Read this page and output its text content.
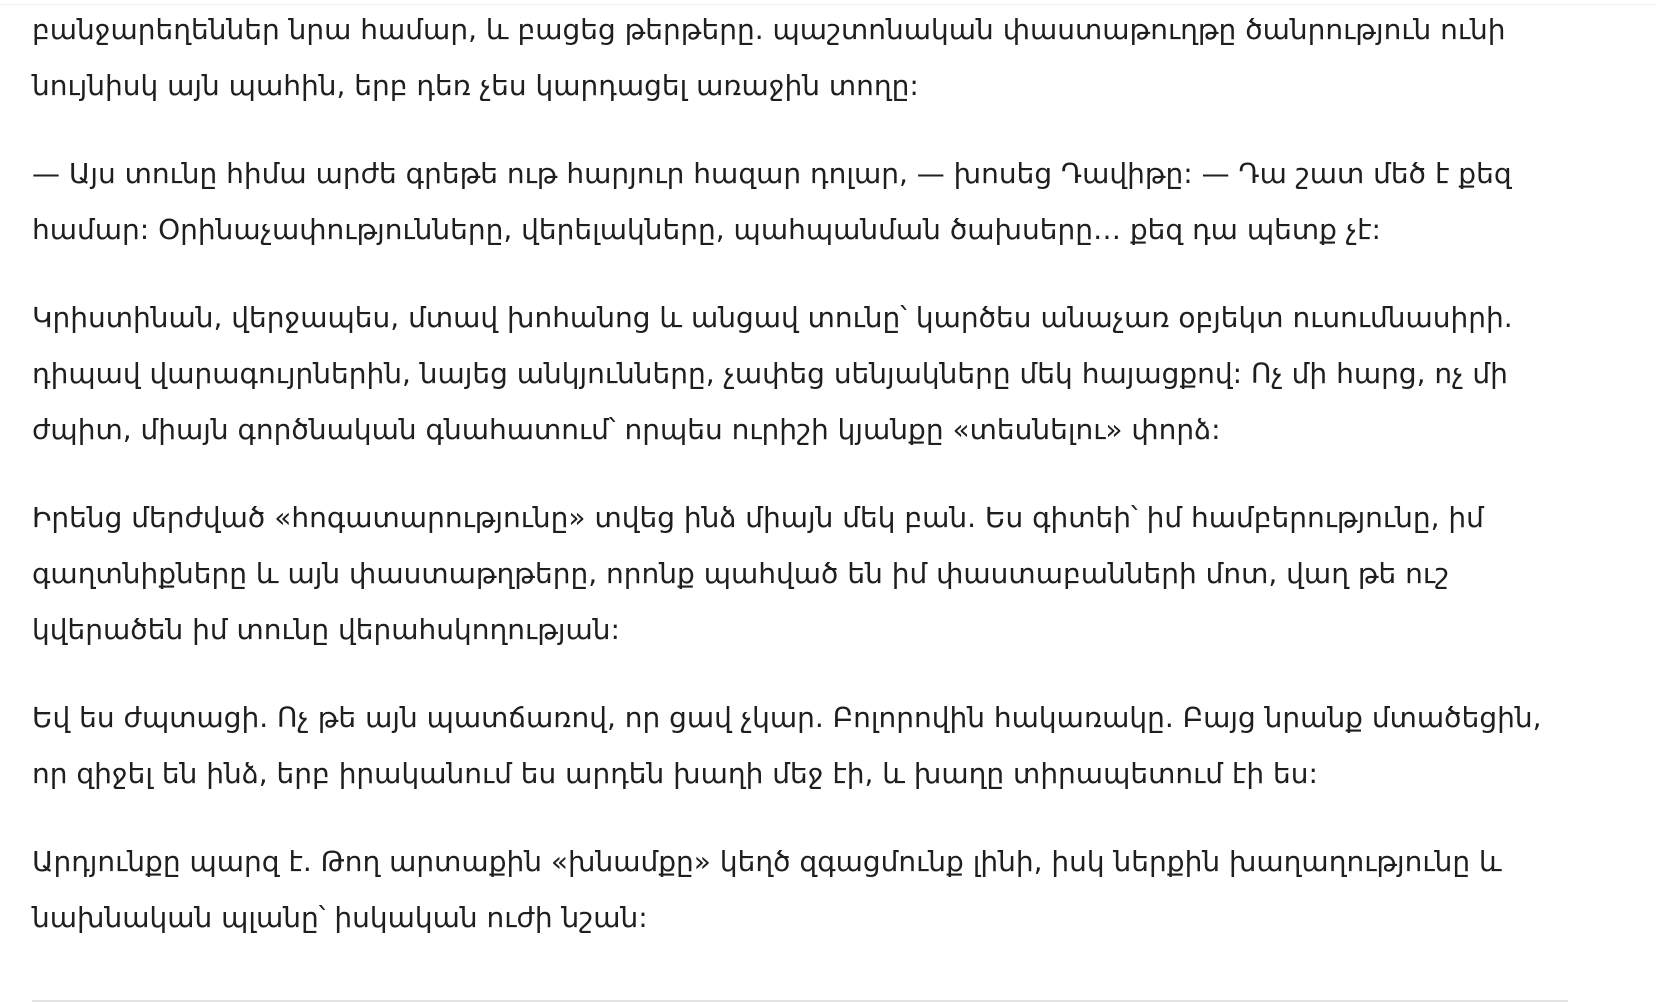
բանջարեղեններ նրա համար, և բացեց թերթերը. պաշտոնական փաստաթուղթը ծանրություն ունի
նույնիսկ այն պահին, երբ դեռ չես կարդացել առաջին տողը:

— Այս տունը հիմա արժե գրեթե ութ հարյուր հազար դոլար, — խոսեց Դավիթը: — Դա շատ մեծ է քեզ
համար: Օրինաչափությունները, վերելակները, պահպանման ծախսերը… քեզ դա պետք չէ:

Կրիստինան, վերջապես, մտավ խոհանոց և անցավ տունը՝ կարծես անաչառ օբյեկտ ուսումնասիրի.
դիպավ վարագույրներին, նայեց անկյունները, չափեց սենյակները մեկ հայացքով: Ոչ մի հարց, ոչ մի
ժպիտ, միայն գործնական գնահատում՝ որպես ուրիշի կյանքը «տեսնելու» փորձ:

Իրենց մերժված «հոգատարությունը» տվեց ինձ միայն մեկ բան. Ես գիտեի՝ իմ համբերությունը, իմ
գաղտնիքները և այն փաստաթղթերը, որոնք պահված են իմ փաստաբանների մոտ, վաղ թե ուշ
կվերածեն իմ տունը վերահսկողության:

Եվ ես ժպտացի. Ոչ թե այն պատճառով, որ ցավ չկար. Բոլորովին հակառակը. Բայց նրանք մտածեցին,
որ զիջել են ինձ, երբ իրականում ես արդեն խաղի մեջ էի, և խաղը տիրապետում էի ես:

Արդյունքը պարզ է. Թող արտաքին «խնամքը» կեղծ զգացմունք լինի, իսկ ներքին խաղաղությունը և
նախնական պլանը՝ իսկական ուժի նշան:
